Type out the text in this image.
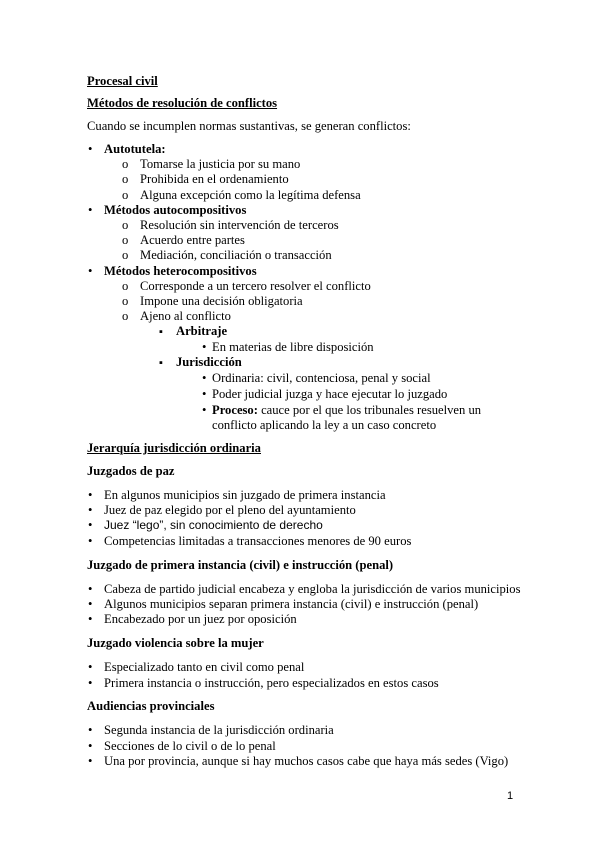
Procesal civil
Métodos de resolución de conflictos
Cuando se incumplen normas sustantivas, se generan conflictos:
•
Autotutela:
o
Tomarse la justicia por su mano
o
Prohibida en el ordenamiento
o
Alguna excepción como la legítima defensa
•
Métodos autocompositivos
o
Resolución sin intervención de terceros
o
Acuerdo entre partes
o
Mediación, conciliación o transacción
•
Métodos heterocompositivos
o
Corresponde a un tercero resolver el conflicto
o
Impone una decisión obligatoria
o
Ajeno al conflicto
▪
Arbitraje
•
En materias de libre disposición
▪
Jurisdicción
•
Ordinaria: civil, contenciosa, penal y social
•
Poder judicial juzga y hace ejecutar lo juzgado
•
Proceso: cauce por el que los tribunales resuelven un
conflicto aplicando la ley a un caso concreto
Jerarquía jurisdicción ordinaria
Juzgados de paz
•
En algunos municipios sin juzgado de primera instancia
•
Juez de paz elegido por el pleno del ayuntamiento
•
Juez “lego”, sin conocimiento de derecho
•
Competencias limitadas a transacciones menores de 90 euros
Juzgado de primera instancia (civil) e instrucción (penal)
•
Cabeza de partido judicial encabeza y engloba la jurisdicción de varios municipios
•
Algunos municipios separan primera instancia (civil) e instrucción (penal)
•
Encabezado por un juez por oposición
Juzgado violencia sobre la mujer
•
Especializado tanto en civil como penal
•
Primera instancia o instrucción, pero especializados en estos casos
Audiencias provinciales
•
Segunda instancia de la jurisdicción ordinaria
•
Secciones de lo civil o de lo penal
•
Una por provincia, aunque si hay muchos casos cabe que haya más sedes (Vigo)
1
